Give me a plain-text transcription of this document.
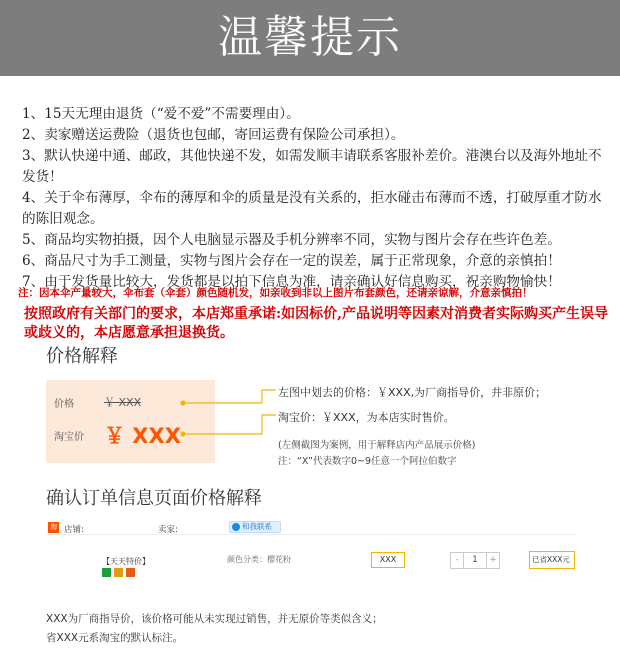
温馨提示

1、15天无理由退货（“爱不爱”不需要理由）。

2、卖家赠送运费险（退货也包邮，寄回运费有保险公司承担）。

3、默认快递中通、邮政，其他快递不发，如需发顺丰请联系客服补差价。港澳台以及海外地址不发货！

4、关于伞布薄厚，伞布的薄厚和伞的质量是没有关系的，拒水碰击布薄而不透，打破厚重才防水的陈旧观念。

5、商品均实物拍摄，因个人电脑显示器及手机分辨率不同，实物与图片会存在些许色差。

6、商品尺寸为手工测量，实物与图片会存在一定的误差，属于正常现象，介意的亲慎拍！

7、由于发货量比较大，发货都是以拍下信息为准，请亲确认好信息购买，祝亲购物愉快！

注：因本伞产量较大，伞布套（伞套）颜色随机发，如亲收到非以上图片布套颜色，还请亲谅解，介意亲慎拍！
按照政府有关部门的要求，本店郑重承诺:如因标价,产品说明等因素对消费者实际购买产生误导或歧义的，本店愿意承担退换货。
价格解释
价格	￥ XXX
淘宝价 ￥ XXX
左图中划去的价格：￥XXX,为厂商指导价，并非原价；
淘宝价：￥XXX，为本店实时售价。
(左侧截图为案例，用于解释店内产品展示价格)
注：“X”代表数字0~9任意一个阿拉伯数字
确认订单信息页面价格解释
淘 店铺:	卖家:	和我联系
【天天特价】	颜色分类：樱花粉	XXX	-	1	+	已省XXX元
XXX为厂商指导价，该价格可能从未实现过销售，并无原价等类似含义；
省XXX元系淘宝的默认标注。
